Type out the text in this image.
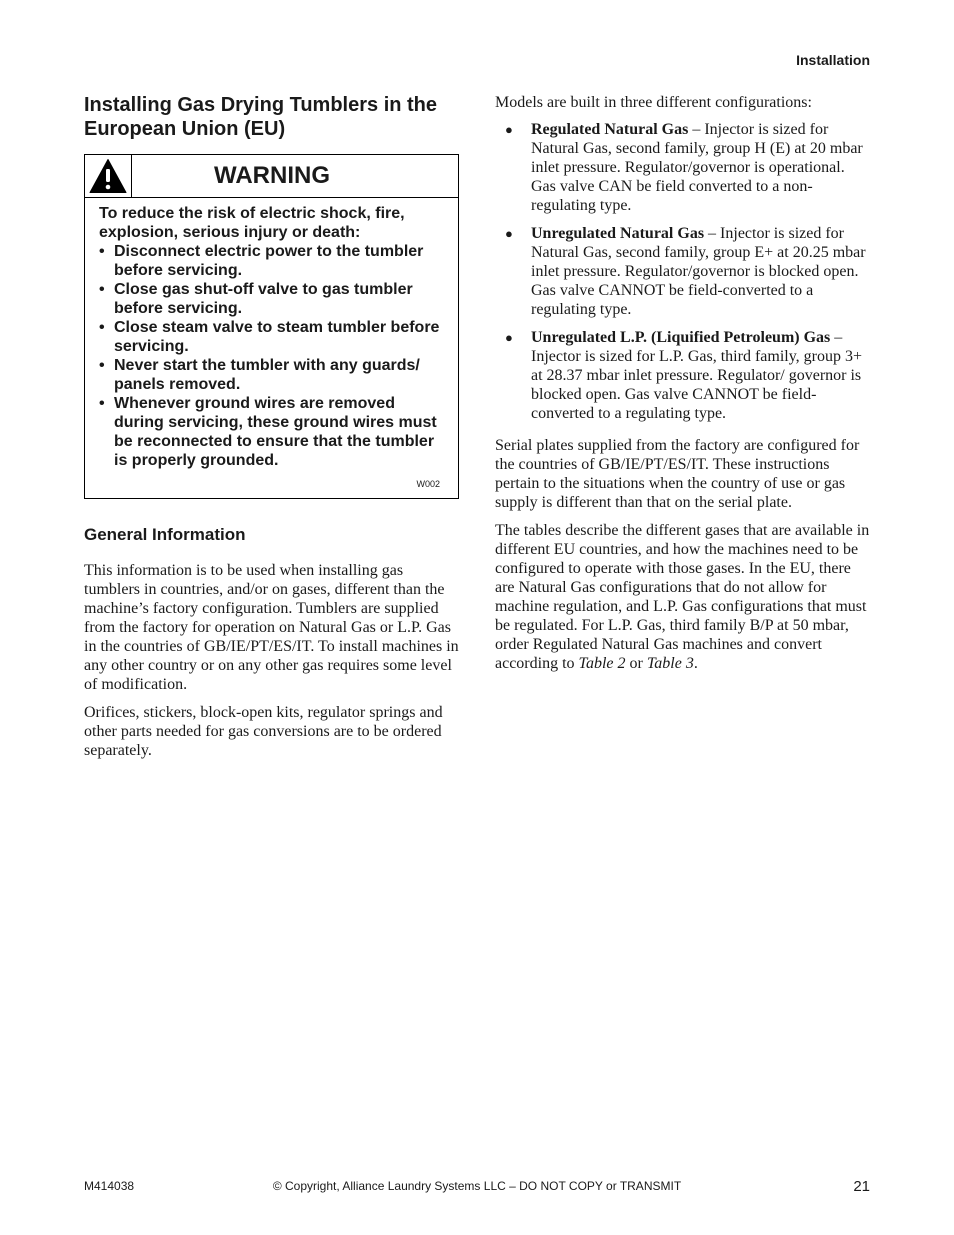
Installation
Installing Gas Drying Tumblers in the European Union (EU)
WARNING
To reduce the risk of electric shock, fire, explosion, serious injury or death:
• Disconnect electric power to the tumbler before servicing.
• Close gas shut-off valve to gas tumbler before servicing.
• Close steam valve to steam tumbler before servicing.
• Never start the tumbler with any guards/ panels removed.
• Whenever ground wires are removed during servicing, these ground wires must be reconnected to ensure that the tumbler is properly grounded.
W002
General Information

This information is to be used when installing gas tumblers in countries, and/or on gases, different than the machine’s factory configuration. Tumblers are supplied from the factory for operation on Natural Gas or L.P. Gas in the countries of GB/IE/PT/ES/IT. To install machines in any other country or on any other gas requires some level of modification.

Orifices, stickers, block-open kits, regulator springs and other parts needed for gas conversions are to be ordered separately.

Models are built in three different configurations:

● Regulated Natural Gas – Injector is sized for Natural Gas, second family, group H (E) at 20 mbar inlet pressure. Regulator/governor is operational. Gas valve CAN be field converted to a non-regulating type.
● Unregulated Natural Gas – Injector is sized for Natural Gas, second family, group E+ at 20.25 mbar inlet pressure. Regulator/governor is blocked open. Gas valve CANNOT be field-converted to a regulating type.
● Unregulated L.P. (Liquified Petroleum) Gas – Injector is sized for L.P. Gas, third family, group 3+ at 28.37 mbar inlet pressure. Regulator/ governor is blocked open. Gas valve CANNOT be field-converted to a regulating type.

Serial plates supplied from the factory are configured for the countries of GB/IE/PT/ES/IT. These instructions pertain to the situations when the country of use or gas supply is different than that on the serial plate.

The tables describe the different gases that are available in different EU countries, and how the machines need to be configured to operate with those gases. In the EU, there are Natural Gas configurations that do not allow for machine regulation, and L.P. Gas configurations that must be regulated. For L.P. Gas, third family B/P at 50 mbar, order Regulated Natural Gas machines and convert according to Table 2 or Table 3.

M414038	© Copyright, Alliance Laundry Systems LLC – DO NOT COPY or TRANSMIT	21
